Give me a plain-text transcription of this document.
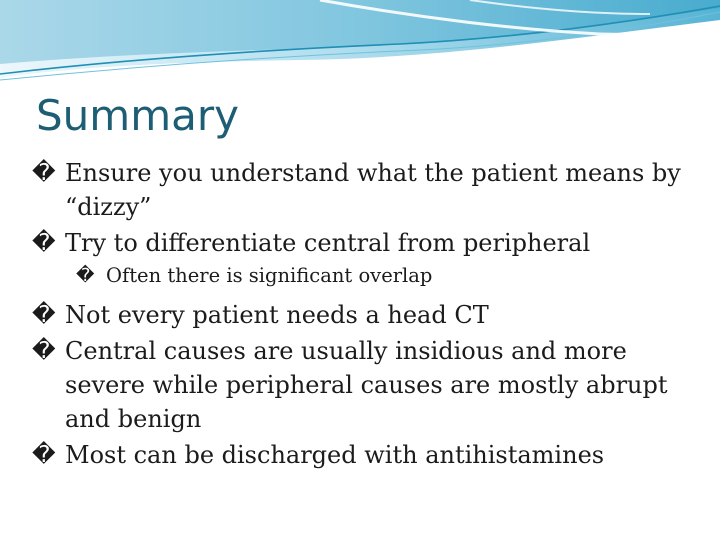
Summary
� Ensure you understand what the patient means by “dizzy”
� Try to differentiate central from peripheral
� Often there is significant overlap
� Not every patient needs a head CT
� Central causes are usually insidious and more severe while peripheral causes are mostly abrupt and benign
� Most can be discharged with antihistamines
